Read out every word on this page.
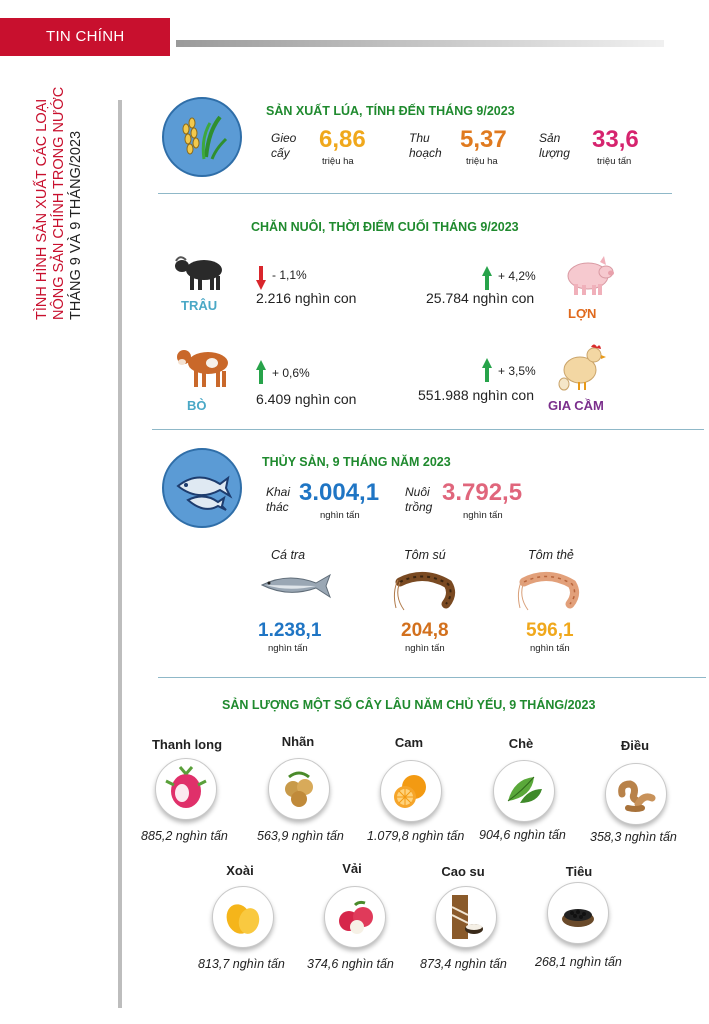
TIN CHÍNH
TÌNH HÌNH SẢN XUẤT CÁC LOẠI NÔNG SẢN CHÍNH TRONG NƯỚC THÁNG 9 VÀ 9 THÁNG/2023
SẢN XUẤT LÚA, TÍNH ĐẾN THÁNG 9/2023
Gieo
cấy 6,86
triệu ha
Thu
hoạch 5,37
triệu ha
Sản
lượng 33,6
triệu tấn
CHĂN NUÔI, THỜI ĐIỂM CUỐI THÁNG 9/2023
TRÂU
- 1,1%
2.216 nghìn con
+ 4,2%
25.784 nghìn con
LỢN
BÒ
+ 0,6%
6.409 nghìn con
+ 3,5%
551.988 nghìn con
GIA CẦM
THỦY SẢN, 9 THÁNG NĂM 2023
Khai
thác
3.004,1
nghìn tấn
Nuôi
trồng
3.792,5
nghìn tấn
Cá tra
1.238,1
nghìn tấn
Tôm sú
204,8
nghìn tấn
Tôm thẻ
596,1
nghìn tấn
SẢN LƯỢNG MỘT SỐ CÂY LÂU NĂM CHỦ YẾU, 9 THÁNG/2023
Thanh long
885,2 nghìn tấn
Nhãn
563,9 nghìn tấn
Cam
1.079,8 nghìn tấn
Chè
904,6 nghìn tấn
Điều
358,3 nghìn tấn
Xoài
813,7 nghìn tấn
Vải
374,6 nghìn tấn
Cao su
873,4 nghìn tấn
Tiêu
268,1 nghìn tấn
